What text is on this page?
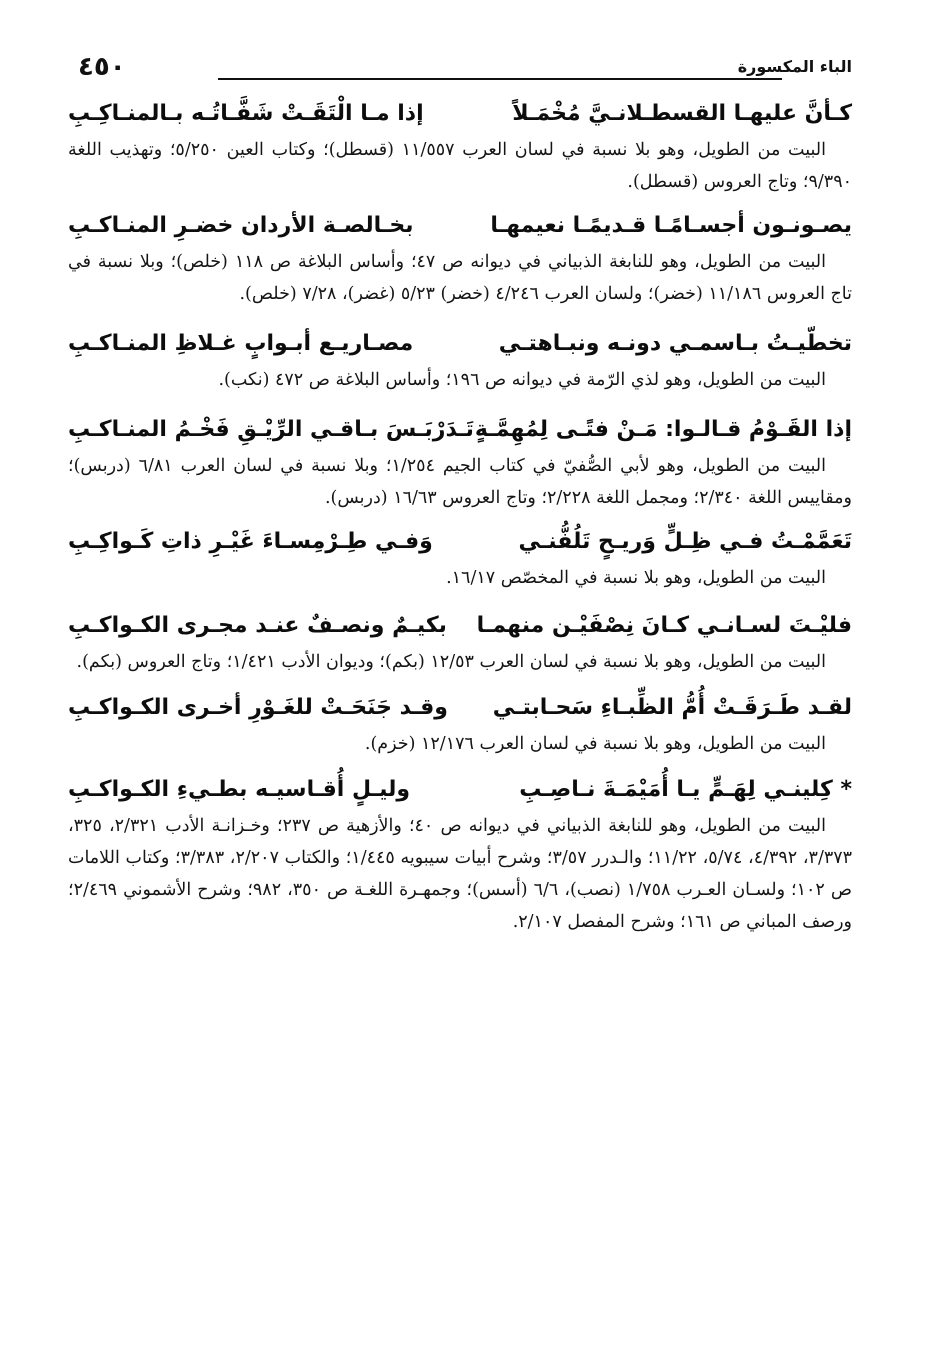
الباء المكسورة
٤٥٠
كـأنَّ عليهـا القسطـلانـيَّ مُخْمَـلاً
إذا مـا الْتَقَـتْ شَفَّـاتُـه بـالمنـاكِـبِ

البيت من الطويل، وهو بلا نسبة في لسان العرب ١١/٥٥٧ (قسطل)؛ وكتاب العين ٥/٢٥٠؛ وتهذيب اللغة ٩/٣٩٠؛ وتاج العروس (قسطل).

يصـونـون أجسـامًـا قـديمًـا نعيمهـا
بخـالصـة الأردان خضـرِ المنـاكـبِ

البيت من الطويل، وهو للنابغة الذبياني في ديوانه ص ٤٧؛ وأساس البلاغة ص ١١٨ (خلص)؛ وبلا نسبة في تاج العروس ١١/١٨٦ (خضر)؛ ولسان العرب ٤/٢٤٦ (خضر) ٥/٢٣ (غضر)، ٧/٢٨ (خلص).

تخطّيـتُ بـاسمـي دونـه ونبـاهتـي
مصـاريـع أبـوابٍ غـلاظِ المنـاكـبِ

البيت من الطويل، وهو لذي الرّمة في ديوانه ص ١٩٦؛ وأساس البلاغة ص ٤٧٢ (نكب).

إذا القَـوْمُ قـالـوا: مَـنْ فتًـى لِمُهِمَّـةٍ
تَـدَرْبَـسَ بـاقـي الرِّيْـقِ فَخْـمُ المنـاكـبِ

البيت من الطويل، وهو لأبي الصُّفيّ في كتاب الجيم ١/٢٥٤؛ وبلا نسبة في لسان العرب ٦/٨١ (دربس)؛ ومقاييس اللغة ٢/٣٤٠؛ ومجمل اللغة ٢/٢٢٨؛ وتاج العروس ١٦/٦٣ (دربس).

تَعَمَّمْـتُ فـي ظِـلٍّ وَريـحٍ تَلُفُّنـي
وَفـي طِـرْمِسـاءَ غَيْـرِ ذاتِ كَـواكِـبِ

البيت من الطويل، وهو بلا نسبة في المخصّص ١٦/١٧.

فليْـتَ لسـانـي كـانَ نِصْفَيْـن منهمـا
بكيـمٌ ونصـفٌ عنـد مجـرى الكـواكـبِ

البيت من الطويل، وهو بلا نسبة في لسان العرب ١٢/٥٣ (بكم)؛ وديوان الأدب ١/٤٢١؛ وتاج العروس (بكم).

لقـد طَـرَقَـتْ أُمُّ الظِّبـاءِ سَحـابتـي
وقـد جَنَحَـتْ للغَـوْرِ أخـرى الكـواكـبِ

البيت من الطويل، وهو بلا نسبة في لسان العرب ١٢/١٧٦ (خزم).

* كِلينـي لِهَـمٍّ يـا أُمَيْمَـةَ نـاصِـبِ
وليـلٍ أُقـاسيـه بطـيءِ الكـواكـبِ

البيت من الطويل، وهو للنابغة الذبياني في ديوانه ص ٤٠؛ والأزهية ص ٢٣٧؛ وخـزانـة الأدب ٢/٣٢١، ٣٢٥، ٣/٣٧٣، ٤/٣٩٢، ٥/٧٤، ١١/٢٢؛ والـدرر ٣/٥٧؛ وشرح أبيات سيبويه ١/٤٤٥؛ والكتاب ٢/٢٠٧، ٣/٣٨٣؛ وكتاب اللامات ص ١٠٢؛ ولسـان العـرب ١/٧٥٨ (نصب)، ٦/٦ (أسس)؛ وجمهـرة اللغـة ص ٣٥٠، ٩٨٢؛ وشرح الأشموني ٢/٤٦٩؛ ورصف المباني ص ١٦١؛ وشرح المفصل ٢/١٠٧.
